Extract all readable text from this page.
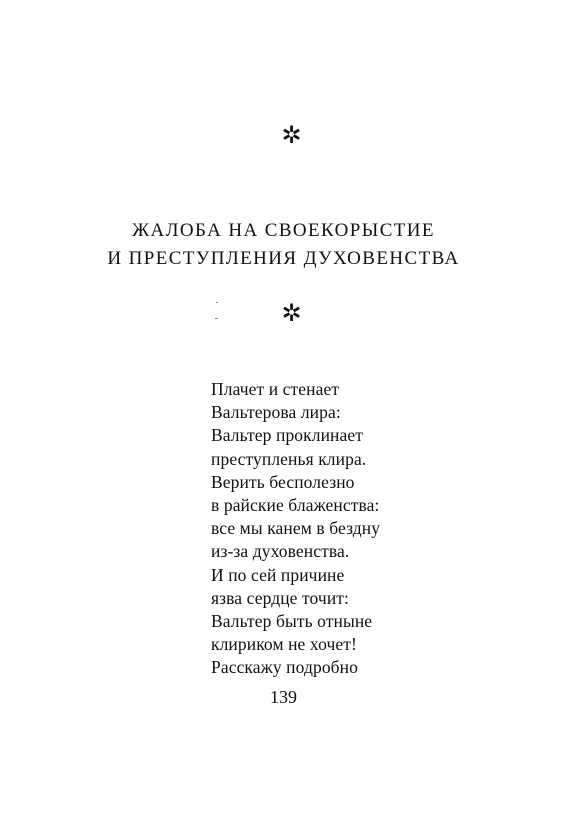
✲
ЖАЛОБА НА СВОЕКОРЫСТИЕ
И ПРЕСТУПЛЕНИЯ ДУХОВЕНСТВА
✲
Плачет и стенает
Вальтерова лира:
Вальтер проклинает
преступленья клира.
Верить бесполезно
в райские блаженства:
все мы канем в бездну
из-за духовенства.
И по сей причине
язва сердце точит:
Вальтер быть отныне
клириком не хочет!
Расскажу подробно
139
